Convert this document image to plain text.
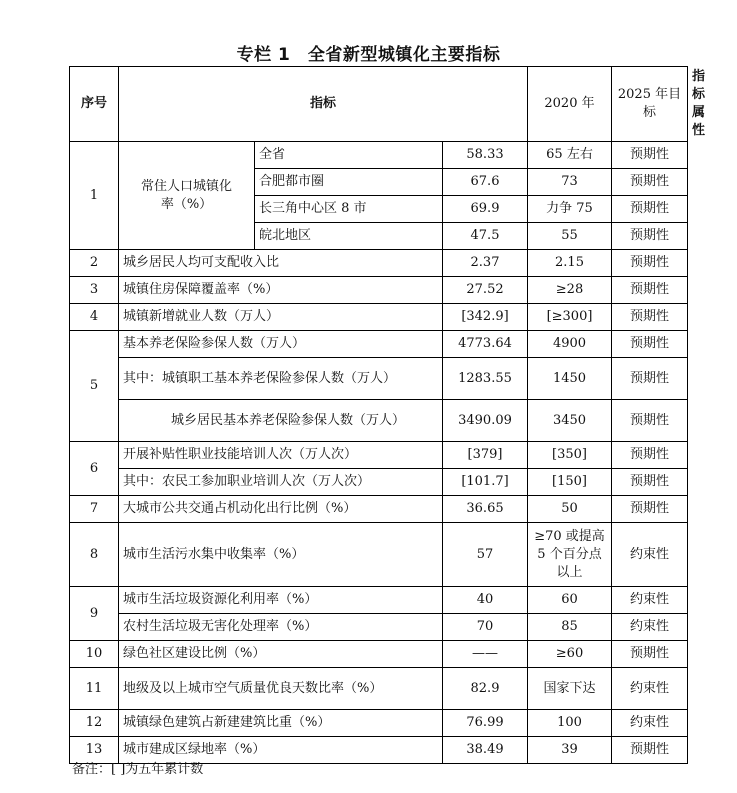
专栏 1　全省新型城镇化主要指标
序号	指标			2020 年	2025 年目标	指标属性
1	常住人口城镇化率（%）	全省	58.33	65 左右	预期性	
		合肥都市圈	67.6	73	预期性	
		长三角中心区 8 市	69.9	力争 75	预期性	
		皖北地区	47.5	55	预期性	
2	城乡居民人均可支配收入比		2.37	2.15	预期性	
3	城镇住房保障覆盖率（%）		27.52	≥28	预期性	
4	城镇新增就业人数（万人）		[342.9]	[≥300]	预期性	
5	基本养老保险参保人数（万人）		4773.64	4900	预期性	
	其中：城镇职工基本养老保险参保人数（万人）		1283.55	1450	预期性	
	城乡居民基本养老保险参保人数（万人）		3490.09	3450	预期性	
6	开展补贴性职业技能培训人次（万人次）		[379]	[350]	预期性	
	其中：农民工参加职业培训人次（万人次）		[101.7]	[150]	预期性	
7	大城市公共交通占机动化出行比例（%）		36.65	50	预期性	
8	城市生活污水集中收集率（%）		57	≥70 或提高 5 个百分点以上	约束性	
9	城市生活垃圾资源化利用率（%）		40	60	约束性	
	农村生活垃圾无害化处理率（%）		70	85	约束性	
10	绿色社区建设比例（%）		——	≥60	预期性	
11	地级及以上城市空气质量优良天数比率（%）		82.9	国家下达	约束性	
12	城镇绿色建筑占新建建筑比重（%）		76.99	100	约束性	
13	城市建成区绿地率（%）		38.49	39	预期性	
备注：[ ]为五年累计数
